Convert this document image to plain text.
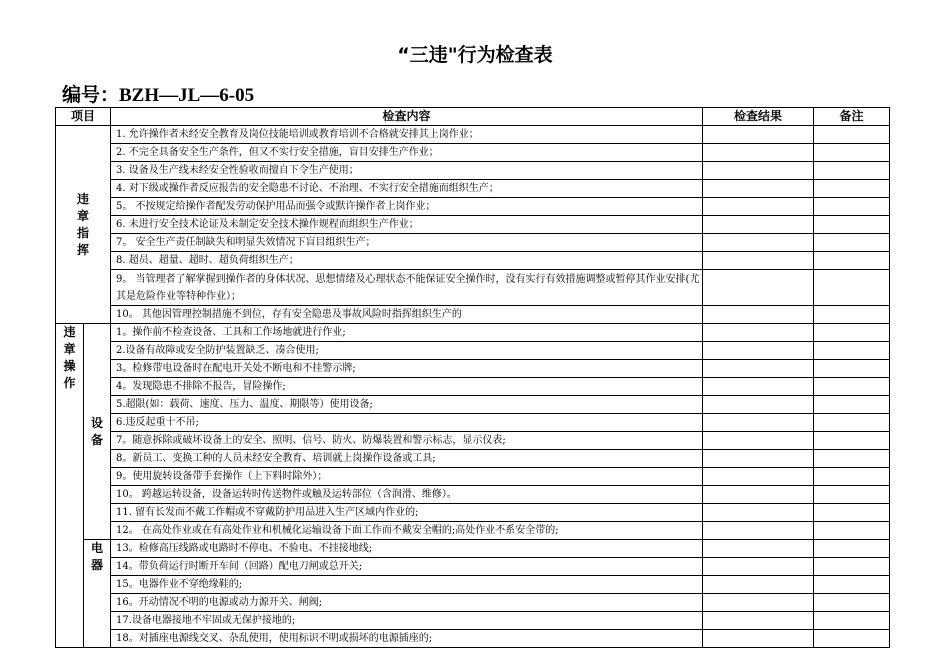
“三违"行为检查表
编号：BZH—JL—6-05
项目		检查内容	检查结果	备注
违章指挥		1. 允许操作者未经安全教育及岗位技能培训或教育培训不合格就安排其上岗作业；		
		2. 不完全具备安全生产条件，但又不实行安全措施，盲目安排生产作业；		
		3. 设备及生产线未经安全性验收而擅自下令生产使用；		
		4. 对下级或操作者反应报告的安全隐患不讨论、不治理、不实行安全措施而组织生产；		
		5。 不按规定给操作者配发劳动保护用品而强令或默许操作者上岗作业；		
		6. 未进行安全技术论证及未制定安全技术操作规程而组织生产作业；		
		7。 安全生产责任制缺失和明显失效情况下盲目组织生产；		
		8. 超员、超量、超时、超负荷组织生产；		
		9。 当管理者了解掌握到操作者的身体状况、思想情绪及心理状态不能保证安全操作时，没有实行有效措施调整或暂停其作业安排(尤其是危险作业等特种作业）；		
		10。 其他因管理控制措施不到位，存有安全隐患及事故风险时指挥组织生产的		
违章操作	设备	1。操作前不检查设备、工具和工作场地就进行作业;		
		2.设备有故障或安全防护装置缺乏、凑合使用;		
		3。检修带电设备时在配电开关处不断电和不挂警示牌;		
		4。发现隐患不排除不报告，冒险操作;		
		5.超限(如：载荷、速度、压力、温度、期限等）使用设备;		
		6.违反起重十不吊;		
		7。随意拆除或破坏设备上的安全、照明、信号、防火、防爆装置和警示标志，显示仪表;		
		8。新员工、变换工种的人员未经安全教育、培训就上岗操作设备或工具;		
		9。使用旋转设备带手套操作（上下料时除外）；		
		10。 跨越运转设备，设备运转时传送物件或触及运转部位（含润滑、维修）。		
		11. 留有长发而不戴工作帽或不穿戴防护用品进入生产区域内作业的;		
		12。 在高处作业或在有高处作业和机械化运输设备下面工作而不戴安全帽的;高处作业不系安全带的;		
	电器	13。检修高压线路或电路时不停电、不验电、不挂接地线;		
		14。带负荷运行时断开车间（回路）配电刀闸或总开关;		
		15。电器作业不穿绝缘鞋的;		
		16。开动情况不明的电源或动力源开关、闸阀;		
		17.设备电器接地不牢固或无保护接地的;		
		18。对插座电源线交叉、杂乱使用，使用标识不明或损坏的电源插座的;		
